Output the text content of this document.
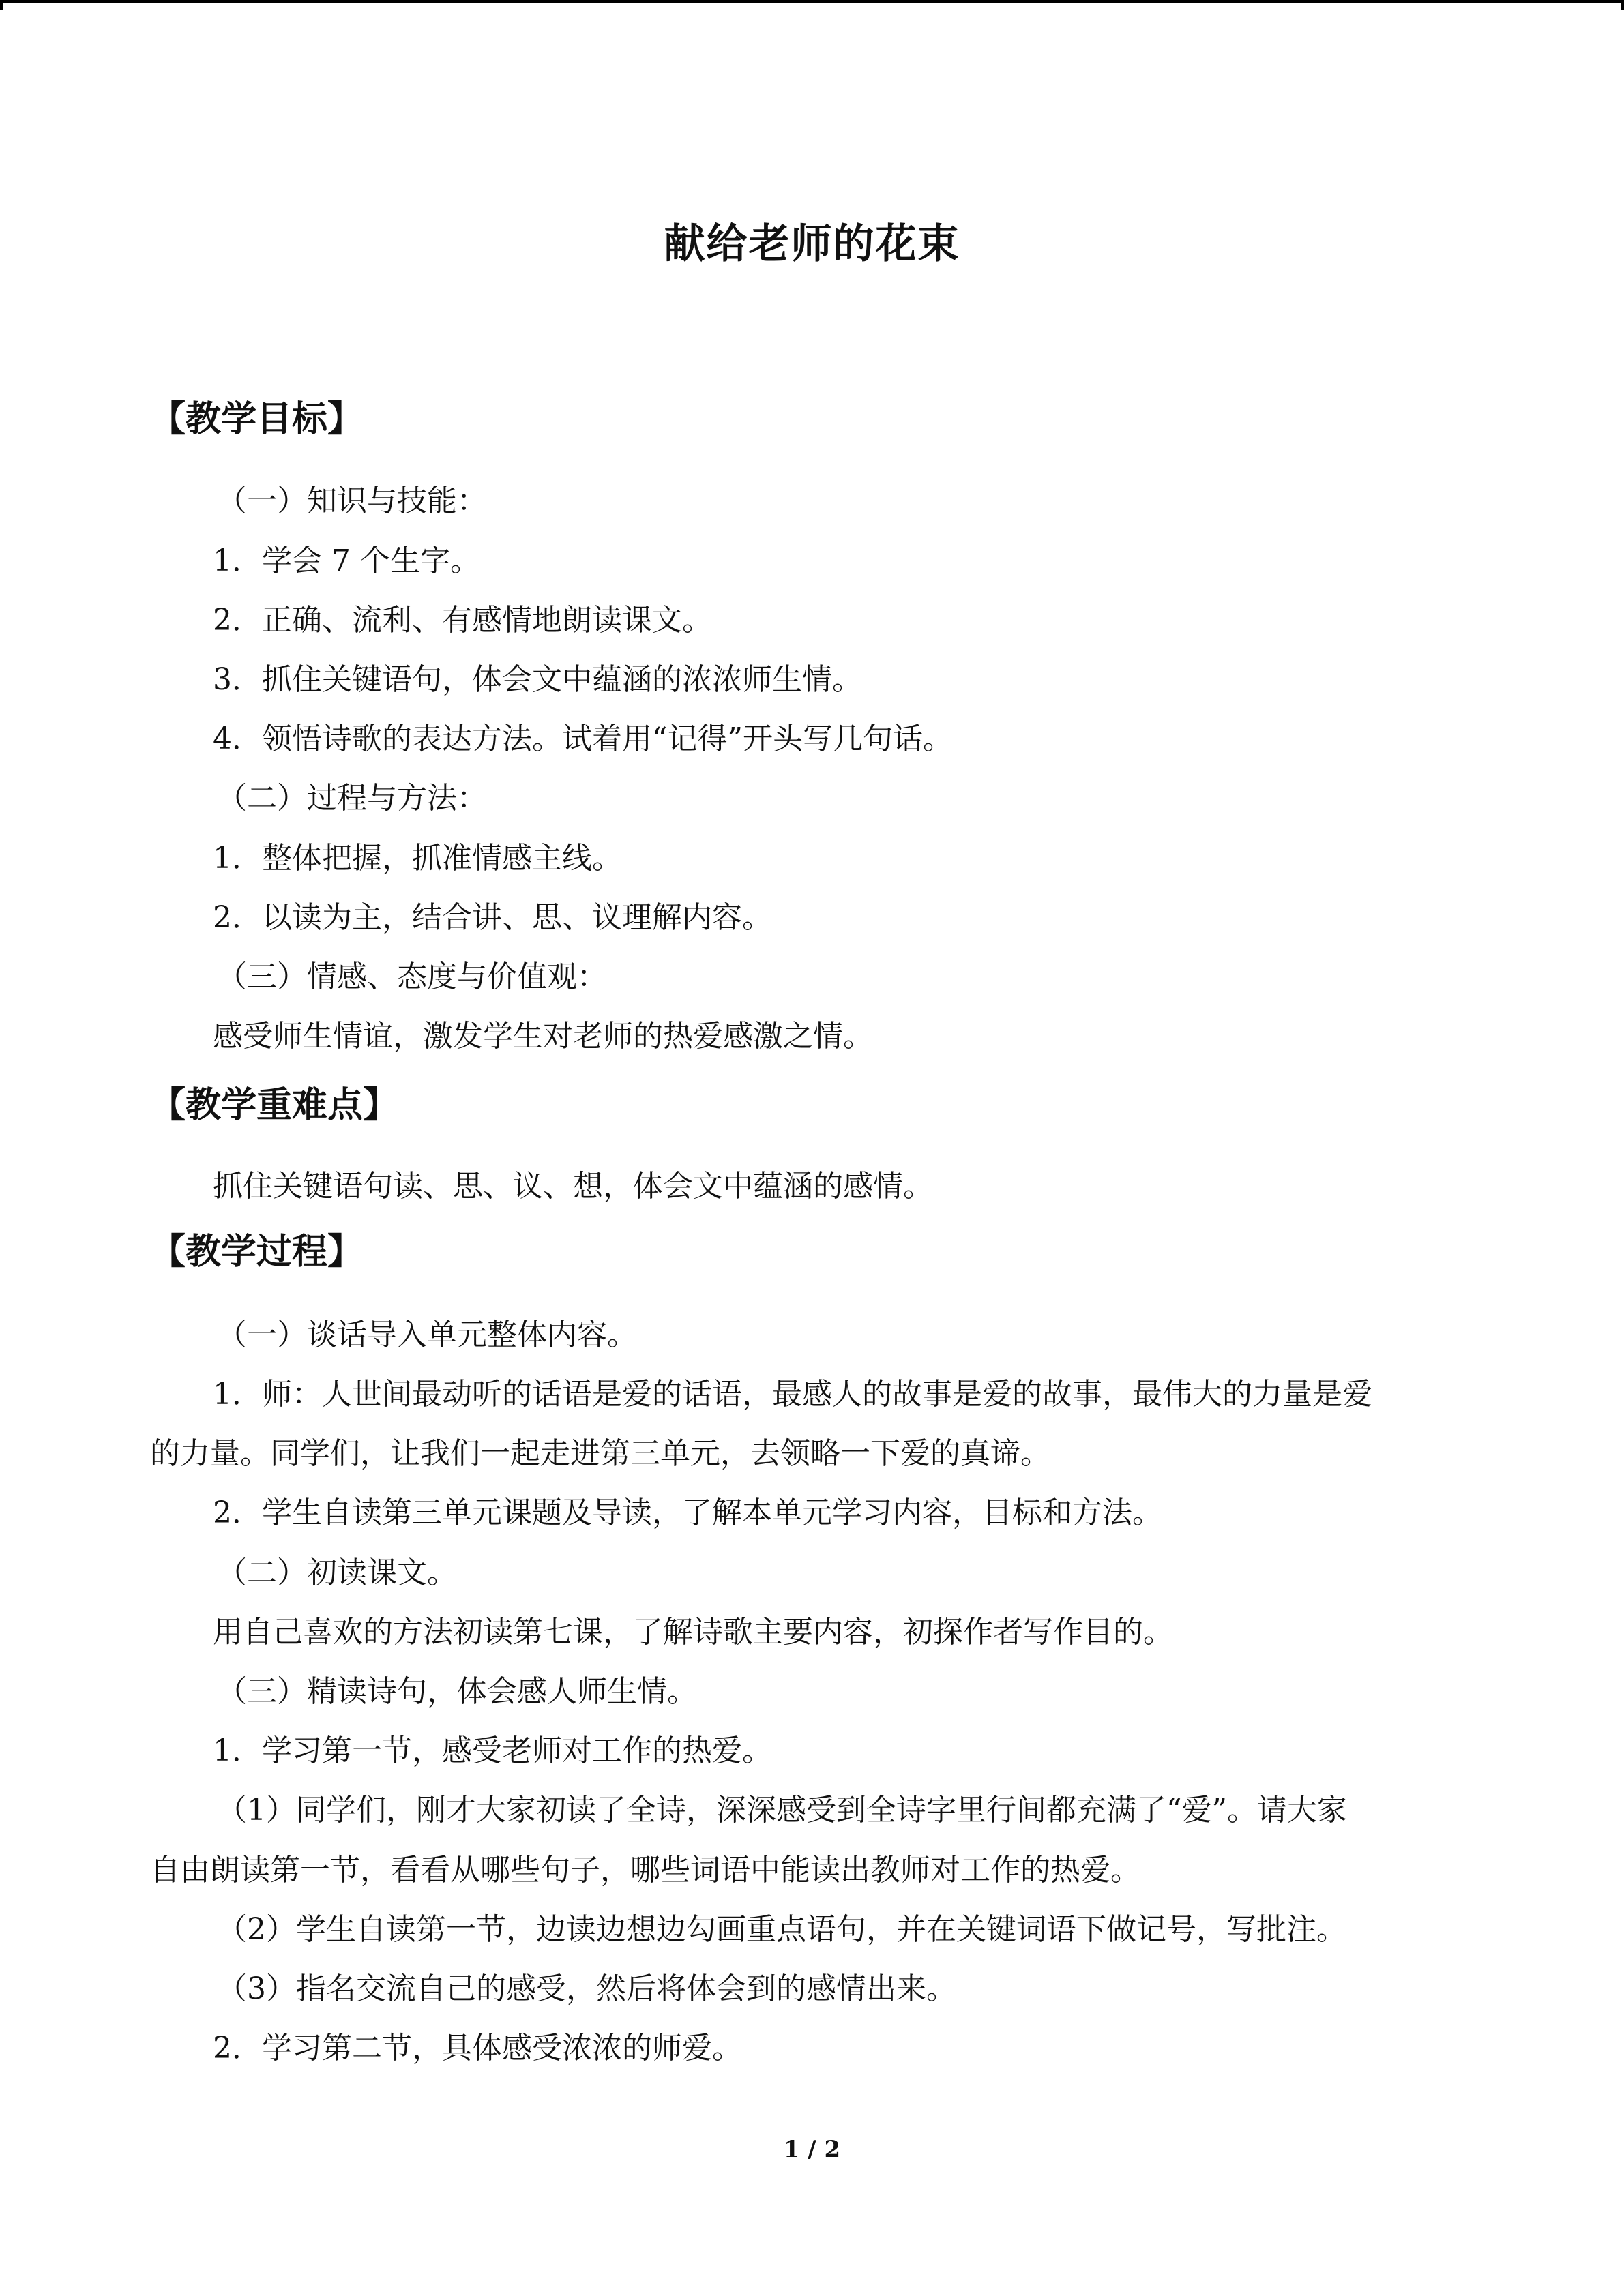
献给老师的花束
【教学目标】
（一）知识与技能：
1．学会 7 个生字。
2．正确、流利、有感情地朗读课文。
3．抓住关键语句，体会文中蕴涵的浓浓师生情。
4．领悟诗歌的表达方法。试着用“记得”开头写几句话。
（二）过程与方法：
1．整体把握，抓准情感主线。
2．以读为主，结合讲、思、议理解内容。
（三）情感、态度与价值观：
感受师生情谊，激发学生对老师的热爱感激之情。
【教学重难点】
抓住关键语句读、思、议、想，体会文中蕴涵的感情。
【教学过程】
（一）谈话导入单元整体内容。
1．师：人世间最动听的话语是爱的话语，最感人的故事是爱的故事，最伟大的力量是爱
的力量。同学们，让我们一起走进第三单元，去领略一下爱的真谛。
2．学生自读第三单元课题及导读，了解本单元学习内容，目标和方法。
（二）初读课文。
用自己喜欢的方法初读第七课，了解诗歌主要内容，初探作者写作目的。
（三）精读诗句，体会感人师生情。
1．学习第一节，感受老师对工作的热爱。
（1）同学们，刚才大家初读了全诗，深深感受到全诗字里行间都充满了“爱”。请大家
自由朗读第一节，看看从哪些句子，哪些词语中能读出教师对工作的热爱。
（2）学生自读第一节，边读边想边勾画重点语句，并在关键词语下做记号，写批注。
（3）指名交流自己的感受，然后将体会到的感情出来。
2．学习第二节，具体感受浓浓的师爱。
1 / 2
